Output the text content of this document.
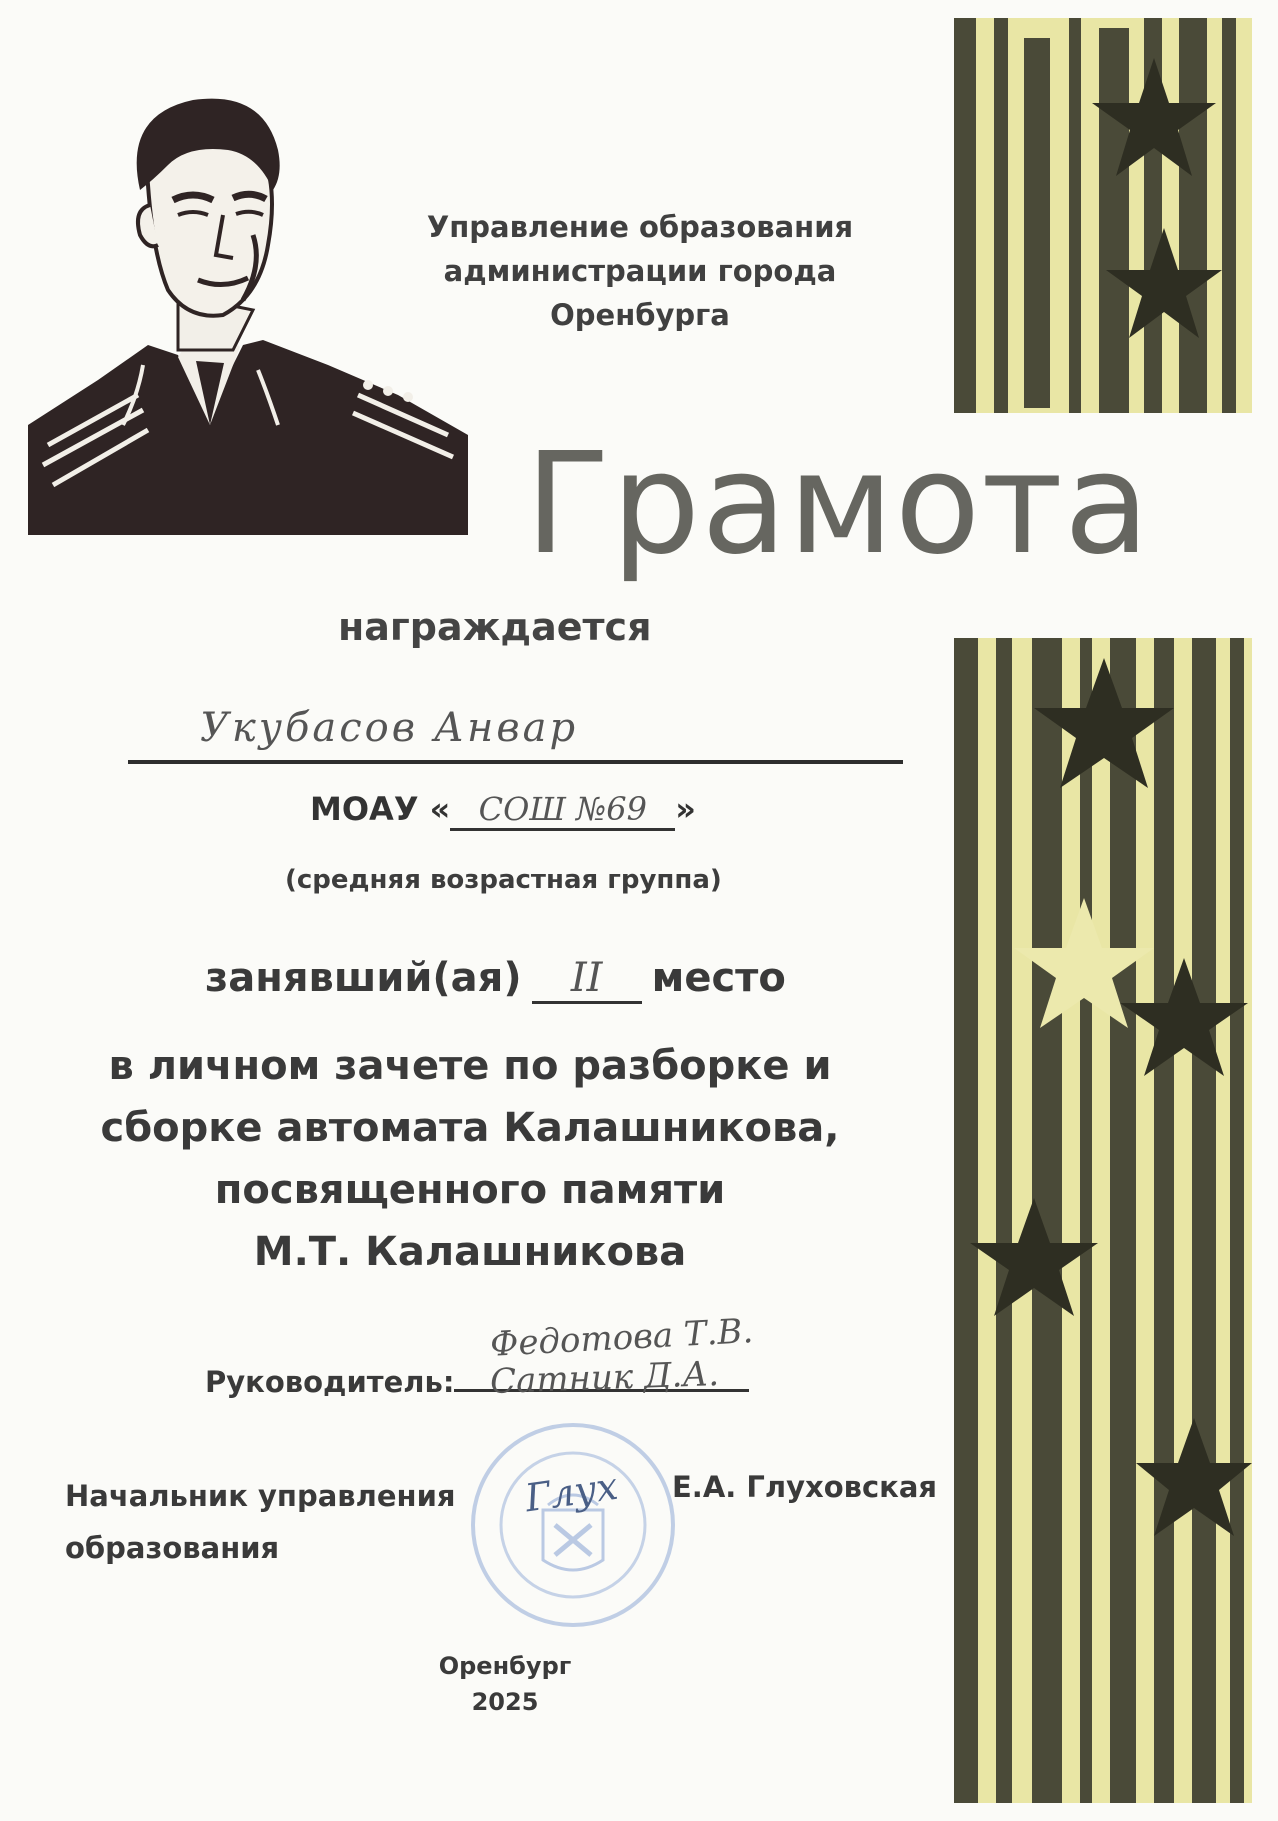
Управление образования
администрации города Оренбурга
Грамота
награждается
Укубасов Анвар
МОАУ « СОШ №69 »
(средняя возрастная группа)
занявший(ая) II место
в личном зачете по разборке и
сборке автомата Калашникова,
посвященного памяти
М.Т. Калашникова
Руководитель:
Федотова Т.В.
Сатник Д.А.
Начальник управления
образования
Глух Е.А. Глуховская
Оренбург
2025
